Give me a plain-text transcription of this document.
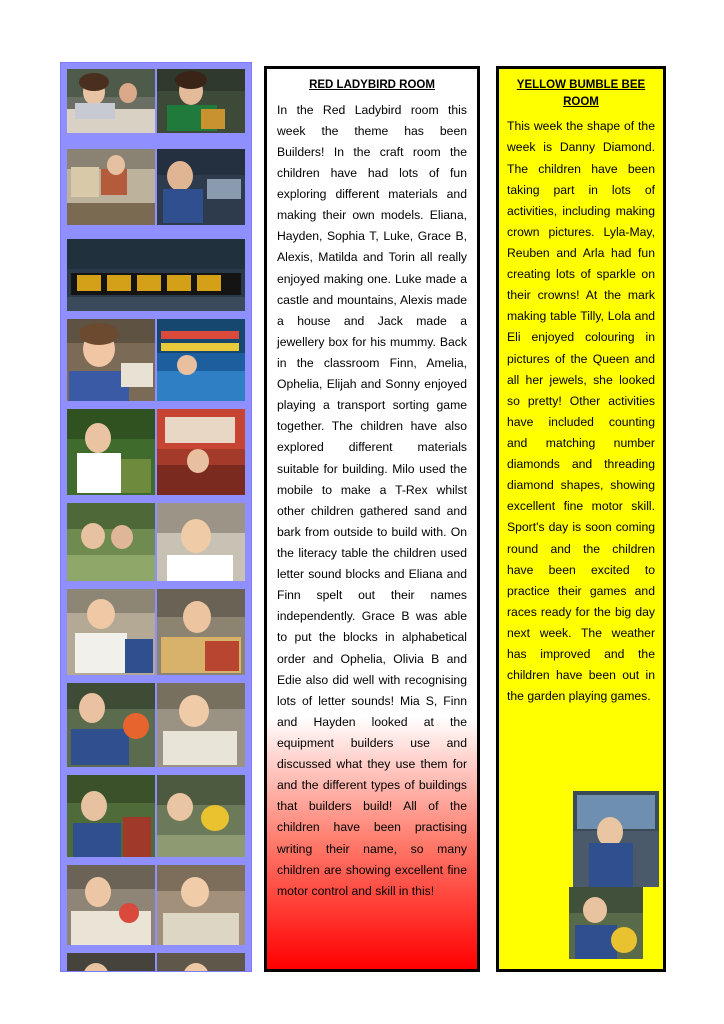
RED LADYBIRD ROOM
In the Red Ladybird room this week the theme has been Builders! In the craft room the children have had lots of fun exploring different materials and making their own models. Eliana, Hayden, Sophia T, Luke, Grace B, Alexis, Matilda and Torin all really enjoyed making one. Luke made a castle and mountains, Alexis made a house and Jack made a jewellery box for his mummy. Back in the classroom Finn, Amelia, Ophelia, Elijah and Sonny enjoyed playing a transport sorting game together. The children have also explored different materials suitable for building. Milo used the mobile to make a T-Rex whilst other children gathered sand and bark from outside to build with. On the literacy table the children used letter sound blocks and Eliana and Finn spelt out their names independently. Grace B was able to put the blocks in alphabetical order and Ophelia, Olivia B and Edie also did well with recognising lots of letter sounds! Mia S, Finn and Hayden looked at the equipment builders use and discussed what they use them for and the different types of buildings that builders build! All of the children have been practising writing their name, so many children are showing excellent fine motor control and skill in this!
YELLOW BUMBLE BEE ROOM
This week the shape of the week is Danny Diamond. The children have been taking part in lots of activities, including making crown pictures. Lyla-May, Reuben and Arla had fun creating lots of sparkle on their crowns! At the mark making table Tilly, Lola and Eli enjoyed colouring in pictures of the Queen and all her jewels, she looked so pretty! Other activities have included counting and matching number diamonds and threading diamond shapes, showing excellent fine motor skill. Sport's day is soon coming round and the children have been excited to practice their games and races ready for the big day next week. The weather has improved and the children have been out in the garden playing games.
